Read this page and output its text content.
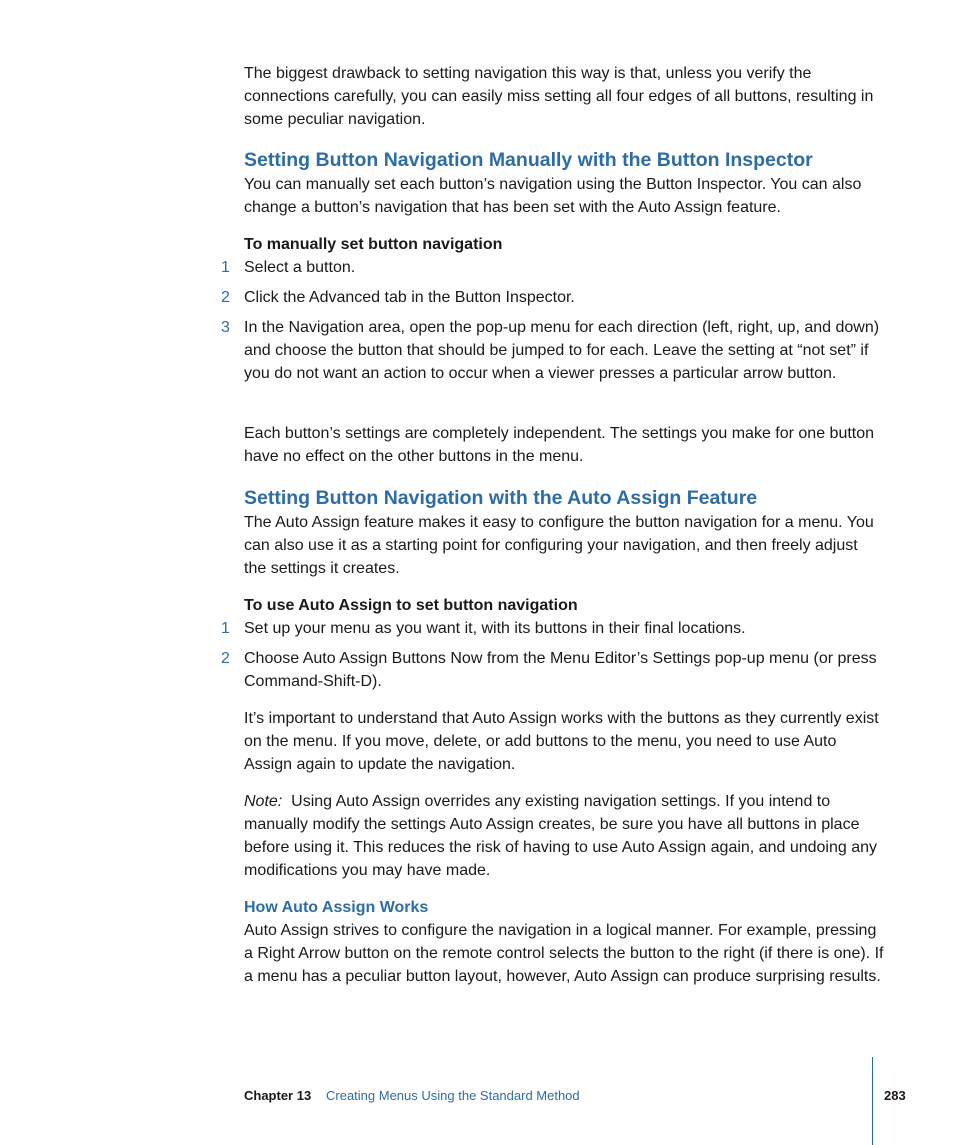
The biggest drawback to setting navigation this way is that, unless you verify the connections carefully, you can easily miss setting all four edges of all buttons, resulting in some peculiar navigation.

Setting Button Navigation Manually with the Button Inspector

You can manually set each button’s navigation using the Button Inspector. You can also change a button’s navigation that has been set with the Auto Assign feature.

To manually set button navigation

1 Select a button.

2 Click the Advanced tab in the Button Inspector.

3 In the Navigation area, open the pop-up menu for each direction (left, right, up, and down) and choose the button that should be jumped to for each. Leave the setting at “not set” if you do not want an action to occur when a viewer presses a particular arrow button.

Each button’s settings are completely independent. The settings you make for one button have no effect on the other buttons in the menu.

Setting Button Navigation with the Auto Assign Feature

The Auto Assign feature makes it easy to configure the button navigation for a menu. You can also use it as a starting point for configuring your navigation, and then freely adjust the settings it creates.

To use Auto Assign to set button navigation

1 Set up your menu as you want it, with its buttons in their final locations.

2 Choose Auto Assign Buttons Now from the Menu Editor’s Settings pop-up menu (or press Command-Shift-D).

It’s important to understand that Auto Assign works with the buttons as they currently exist on the menu. If you move, delete, or add buttons to the menu, you need to use Auto Assign again to update the navigation.

Note: Using Auto Assign overrides any existing navigation settings. If you intend to manually modify the settings Auto Assign creates, be sure you have all buttons in place before using it. This reduces the risk of having to use Auto Assign again, and undoing any modifications you may have made.

How Auto Assign Works

Auto Assign strives to configure the navigation in a logical manner. For example, pressing a Right Arrow button on the remote control selects the button to the right (if there is one). If a menu has a peculiar button layout, however, Auto Assign can produce surprising results.

Chapter 13 Creating Menus Using the Standard Method	283
